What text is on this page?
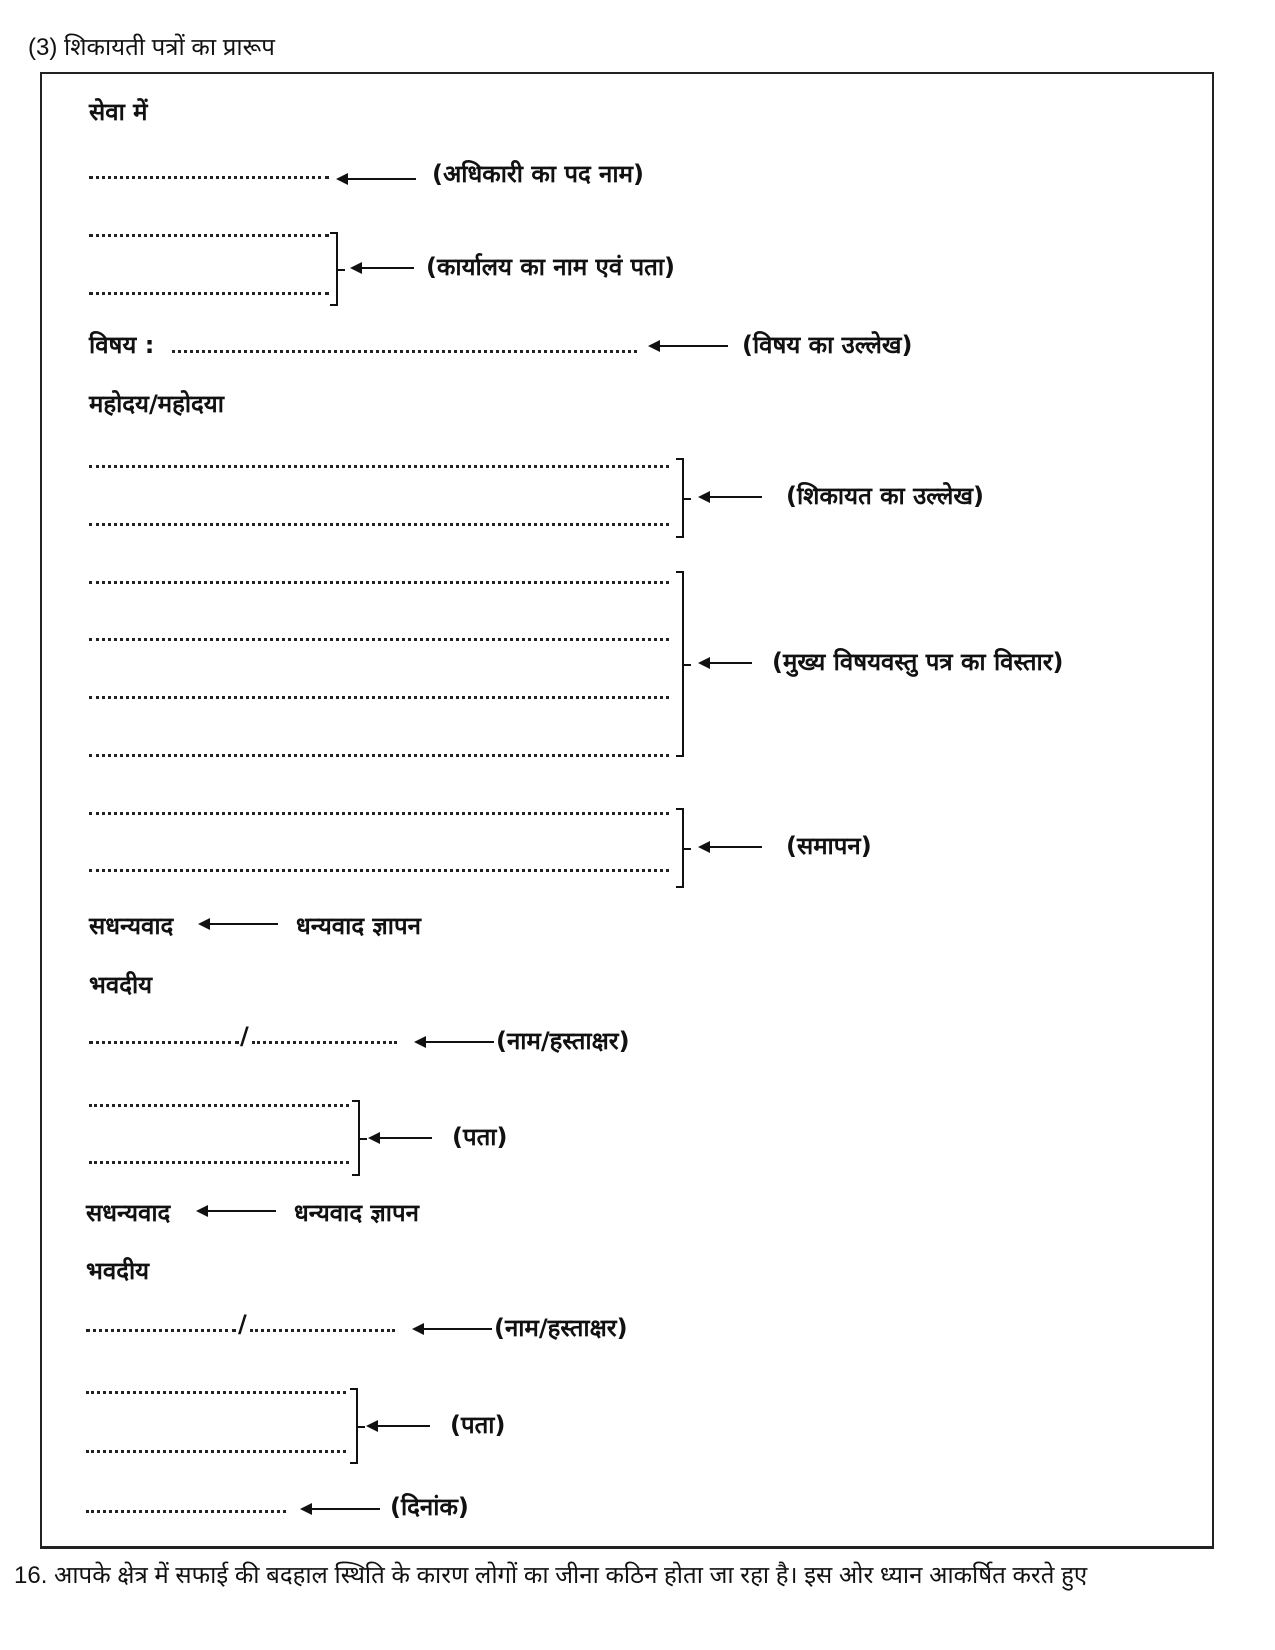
(3) शिकायती पत्रों का प्रारूप
सेवा में
(अधिकारी का पद नाम)
(कार्यालय का नाम एवं पता)
विषय :	(विषय का उल्लेख)
महोदय/महोदया
(शिकायत का उल्लेख)
(मुख्य विषयवस्तु पत्र का विस्तार)
(समापन)
सधन्यवाद	धन्यवाद ज्ञापन
भवदीय
/	(नाम/हस्ताक्षर)
(पता)
सधन्यवाद	धन्यवाद ज्ञापन
भवदीय
/	(नाम/हस्ताक्षर)
(पता)
(दिनांक)
16. आपके क्षेत्र में सफाई की बदहाल स्थिति के कारण लोगों का जीना कठिन होता जा रहा है। इस ओर ध्यान आकर्षित करते हुए
